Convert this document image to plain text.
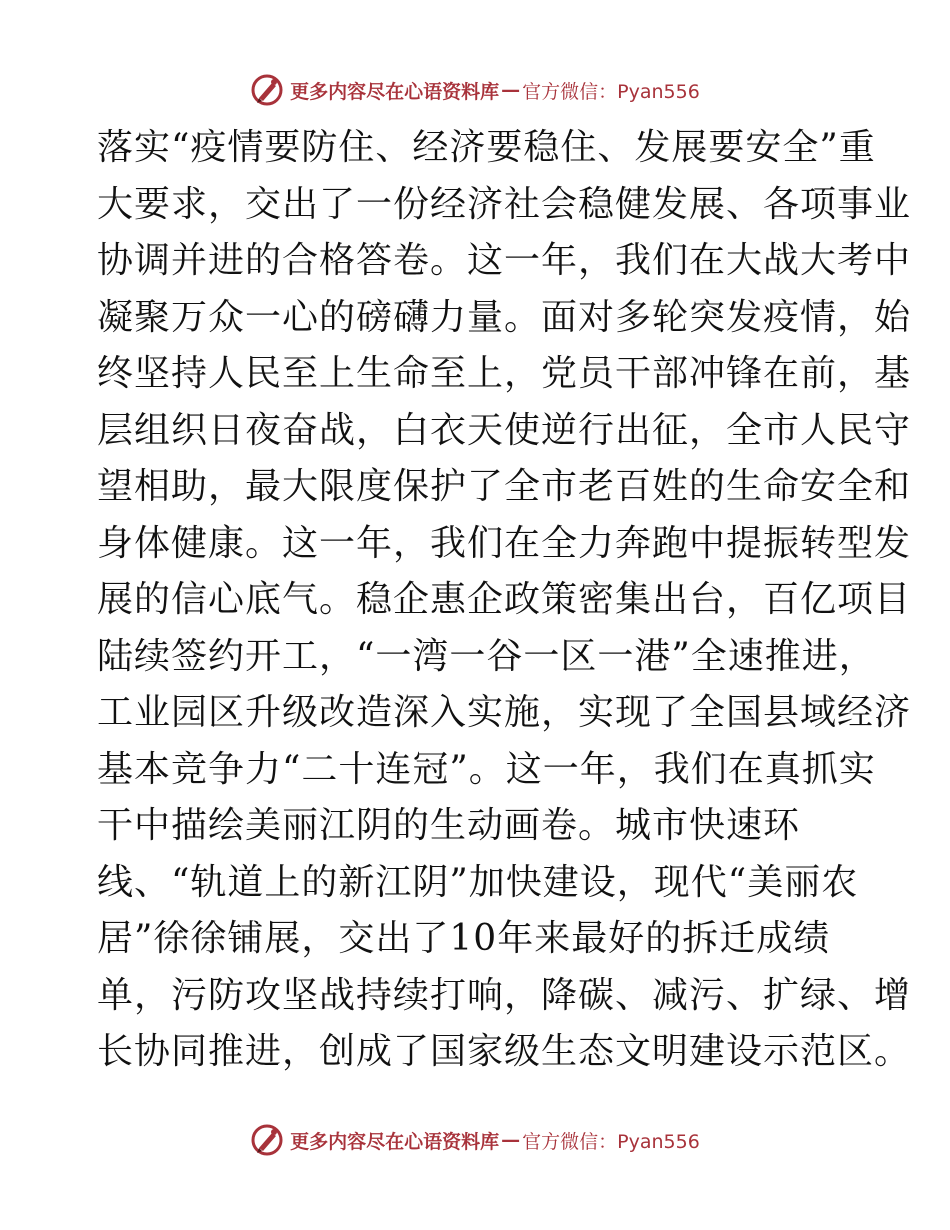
更多内容尽在心语资料库 — 官方微信：Pyan556
落实“疫情要防住、经济要稳住、发展要安全”重
大要求，交出了一份经济社会稳健发展、各项事业
协调并进的合格答卷。这一年，我们在大战大考中
凝聚万众一心的磅礴力量。面对多轮突发疫情，始
终坚持人民至上生命至上，党员干部冲锋在前，基
层组织日夜奋战，白衣天使逆行出征，全市人民守
望相助，最大限度保护了全市老百姓的生命安全和
身体健康。这一年，我们在全力奔跑中提振转型发
展的信心底气。稳企惠企政策密集出台，百亿项目
陆续签约开工，“一湾一谷一区一港”全速推进，
工业园区升级改造深入实施，实现了全国县域经济
基本竞争力“二十连冠”。这一年，我们在真抓实
干中描绘美丽江阴的生动画卷。城市快速环
线、“轨道上的新江阴”加快建设，现代“美丽农
居”徐徐铺展，交出了10年来最好的拆迁成绩
单，污防攻坚战持续打响，降碳、减污、扩绿、增
长协同推进，创成了国家级生态文明建设示范区。
更多内容尽在心语资料库 — 官方微信：Pyan556
